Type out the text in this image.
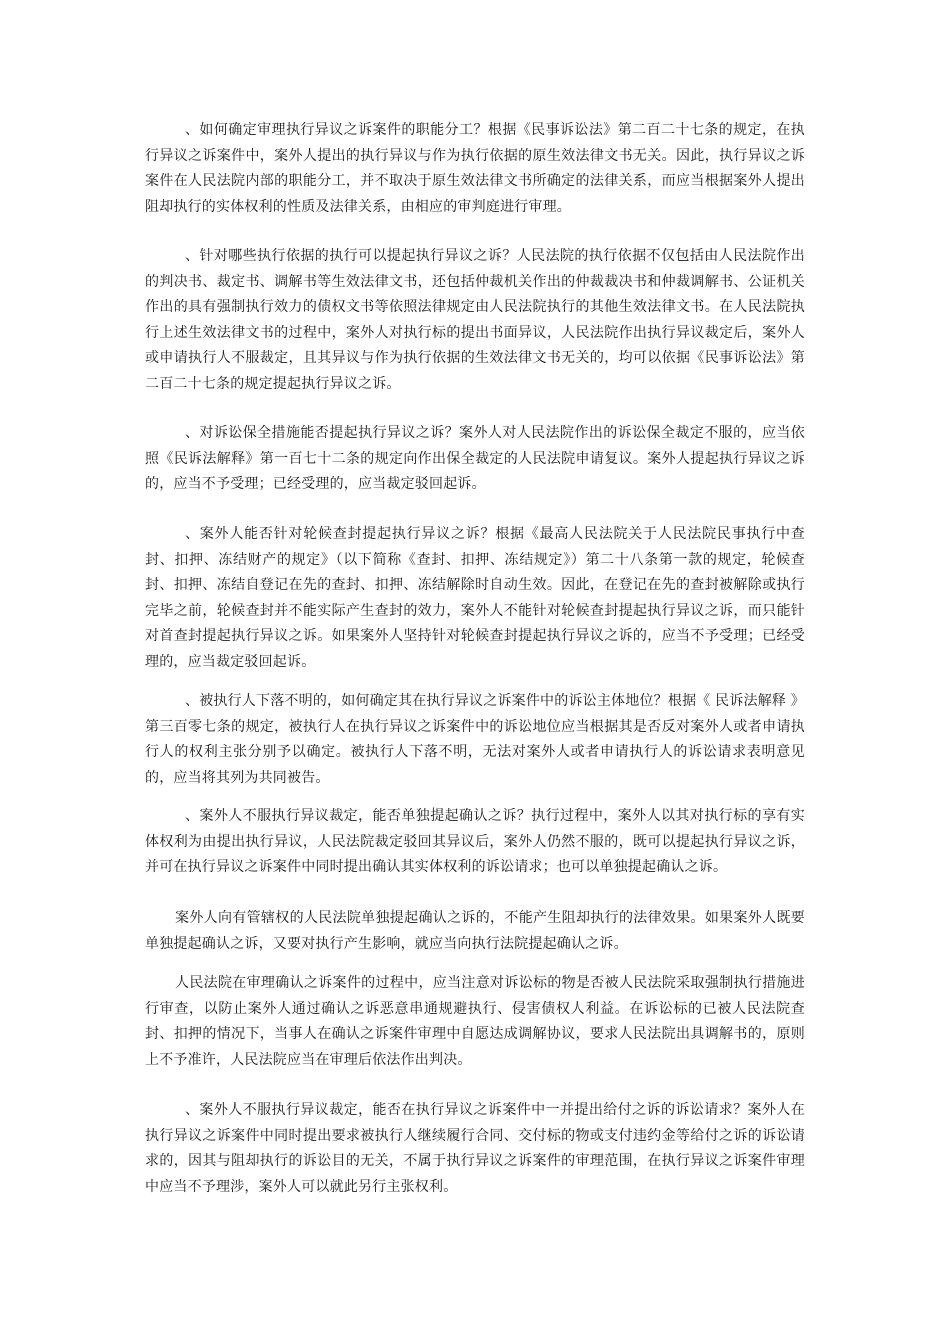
、如何确定审理执行异议之诉案件的职能分工？根据《民事诉讼法》第二百二十七条的规定，在执行异议之诉案件中，案外人提出的执行异议与作为执行依据的原生效法律文书无关。因此，执行异议之诉案件在人民法院内部的职能分工，并不取决于原生效法律文书所确定的法律关系，而应当根据案外人提出阻却执行的实体权利的性质及法律关系，由相应的审判庭进行审理。

、针对哪些执行依据的执行可以提起执行异议之诉？人民法院的执行依据不仅包括由人民法院作出的判决书、裁定书、调解书等生效法律文书，还包括仲裁机关作出的仲裁裁决书和仲裁调解书、公证机关作出的具有强制执行效力的债权文书等依照法律规定由人民法院执行的其他生效法律文书。在人民法院执行上述生效法律文书的过程中，案外人对执行标的提出书面异议，人民法院作出执行异议裁定后，案外人或申请执行人不服裁定，且其异议与作为执行依据的生效法律文书无关的，均可以依据《民事诉讼法》第二百二十七条的规定提起执行异议之诉。

、对诉讼保全措施能否提起执行异议之诉？案外人对人民法院作出的诉讼保全裁定不服的，应当依照《民诉法解释》第一百七十二条的规定向作出保全裁定的人民法院申请复议。案外人提起执行异议之诉的，应当不予受理；已经受理的，应当裁定驳回起诉。

、案外人能否针对轮候查封提起执行异议之诉？根据《最高人民法院关于人民法院民事执行中查封、扣押、冻结财产的规定》（以下简称《查封、扣押、冻结规定》）第二十八条第一款的规定，轮候查封、扣押、冻结自登记在先的查封、扣押、冻结解除时自动生效。因此，在登记在先的查封被解除或执行完毕之前，轮候查封并不能实际产生查封的效力，案外人不能针对轮候查封提起执行异议之诉，而只能针对首查封提起执行异议之诉。如果案外人坚持针对轮候查封提起执行异议之诉的，应当不予受理；已经受理的，应当裁定驳回起诉。

、被执行人下落不明的，如何确定其在执行异议之诉案件中的诉讼主体地位？根据《 民诉法解释 》第三百零七条的规定，被执行人在执行异议之诉案件中的诉讼地位应当根据其是否反对案外人或者申请执行人的权利主张分别予以确定。被执行人下落不明，无法对案外人或者申请执行人的诉讼请求表明意见的，应当将其列为共同被告。

、案外人不服执行异议裁定，能否单独提起确认之诉？执行过程中，案外人以其对执行标的享有实体权利为由提出执行异议，人民法院裁定驳回其异议后，案外人仍然不服的，既可以提起执行异议之诉，并可在执行异议之诉案件中同时提出确认其实体权利的诉讼请求；也可以单独提起确认之诉。

案外人向有管辖权的人民法院单独提起确认之诉的，不能产生阻却执行的法律效果。如果案外人既要单独提起确认之诉，又要对执行产生影响，就应当向执行法院提起确认之诉。

人民法院在审理确认之诉案件的过程中，应当注意对诉讼标的物是否被人民法院采取强制执行措施进行审查，以防止案外人通过确认之诉恶意串通规避执行、侵害债权人利益。在诉讼标的已被人民法院查封、扣押的情况下，当事人在确认之诉案件审理中自愿达成调解协议，要求人民法院出具调解书的，原则上不予准许，人民法院应当在审理后依法作出判决。

、案外人不服执行异议裁定，能否在执行异议之诉案件中一并提出给付之诉的诉讼请求？案外人在执行异议之诉案件中同时提出要求被执行人继续履行合同、交付标的物或支付违约金等给付之诉的诉讼请求的，因其与阻却执行的诉讼目的无关，不属于执行异议之诉案件的审理范围，在执行异议之诉案件审理中应当不予理涉，案外人可以就此另行主张权利。
